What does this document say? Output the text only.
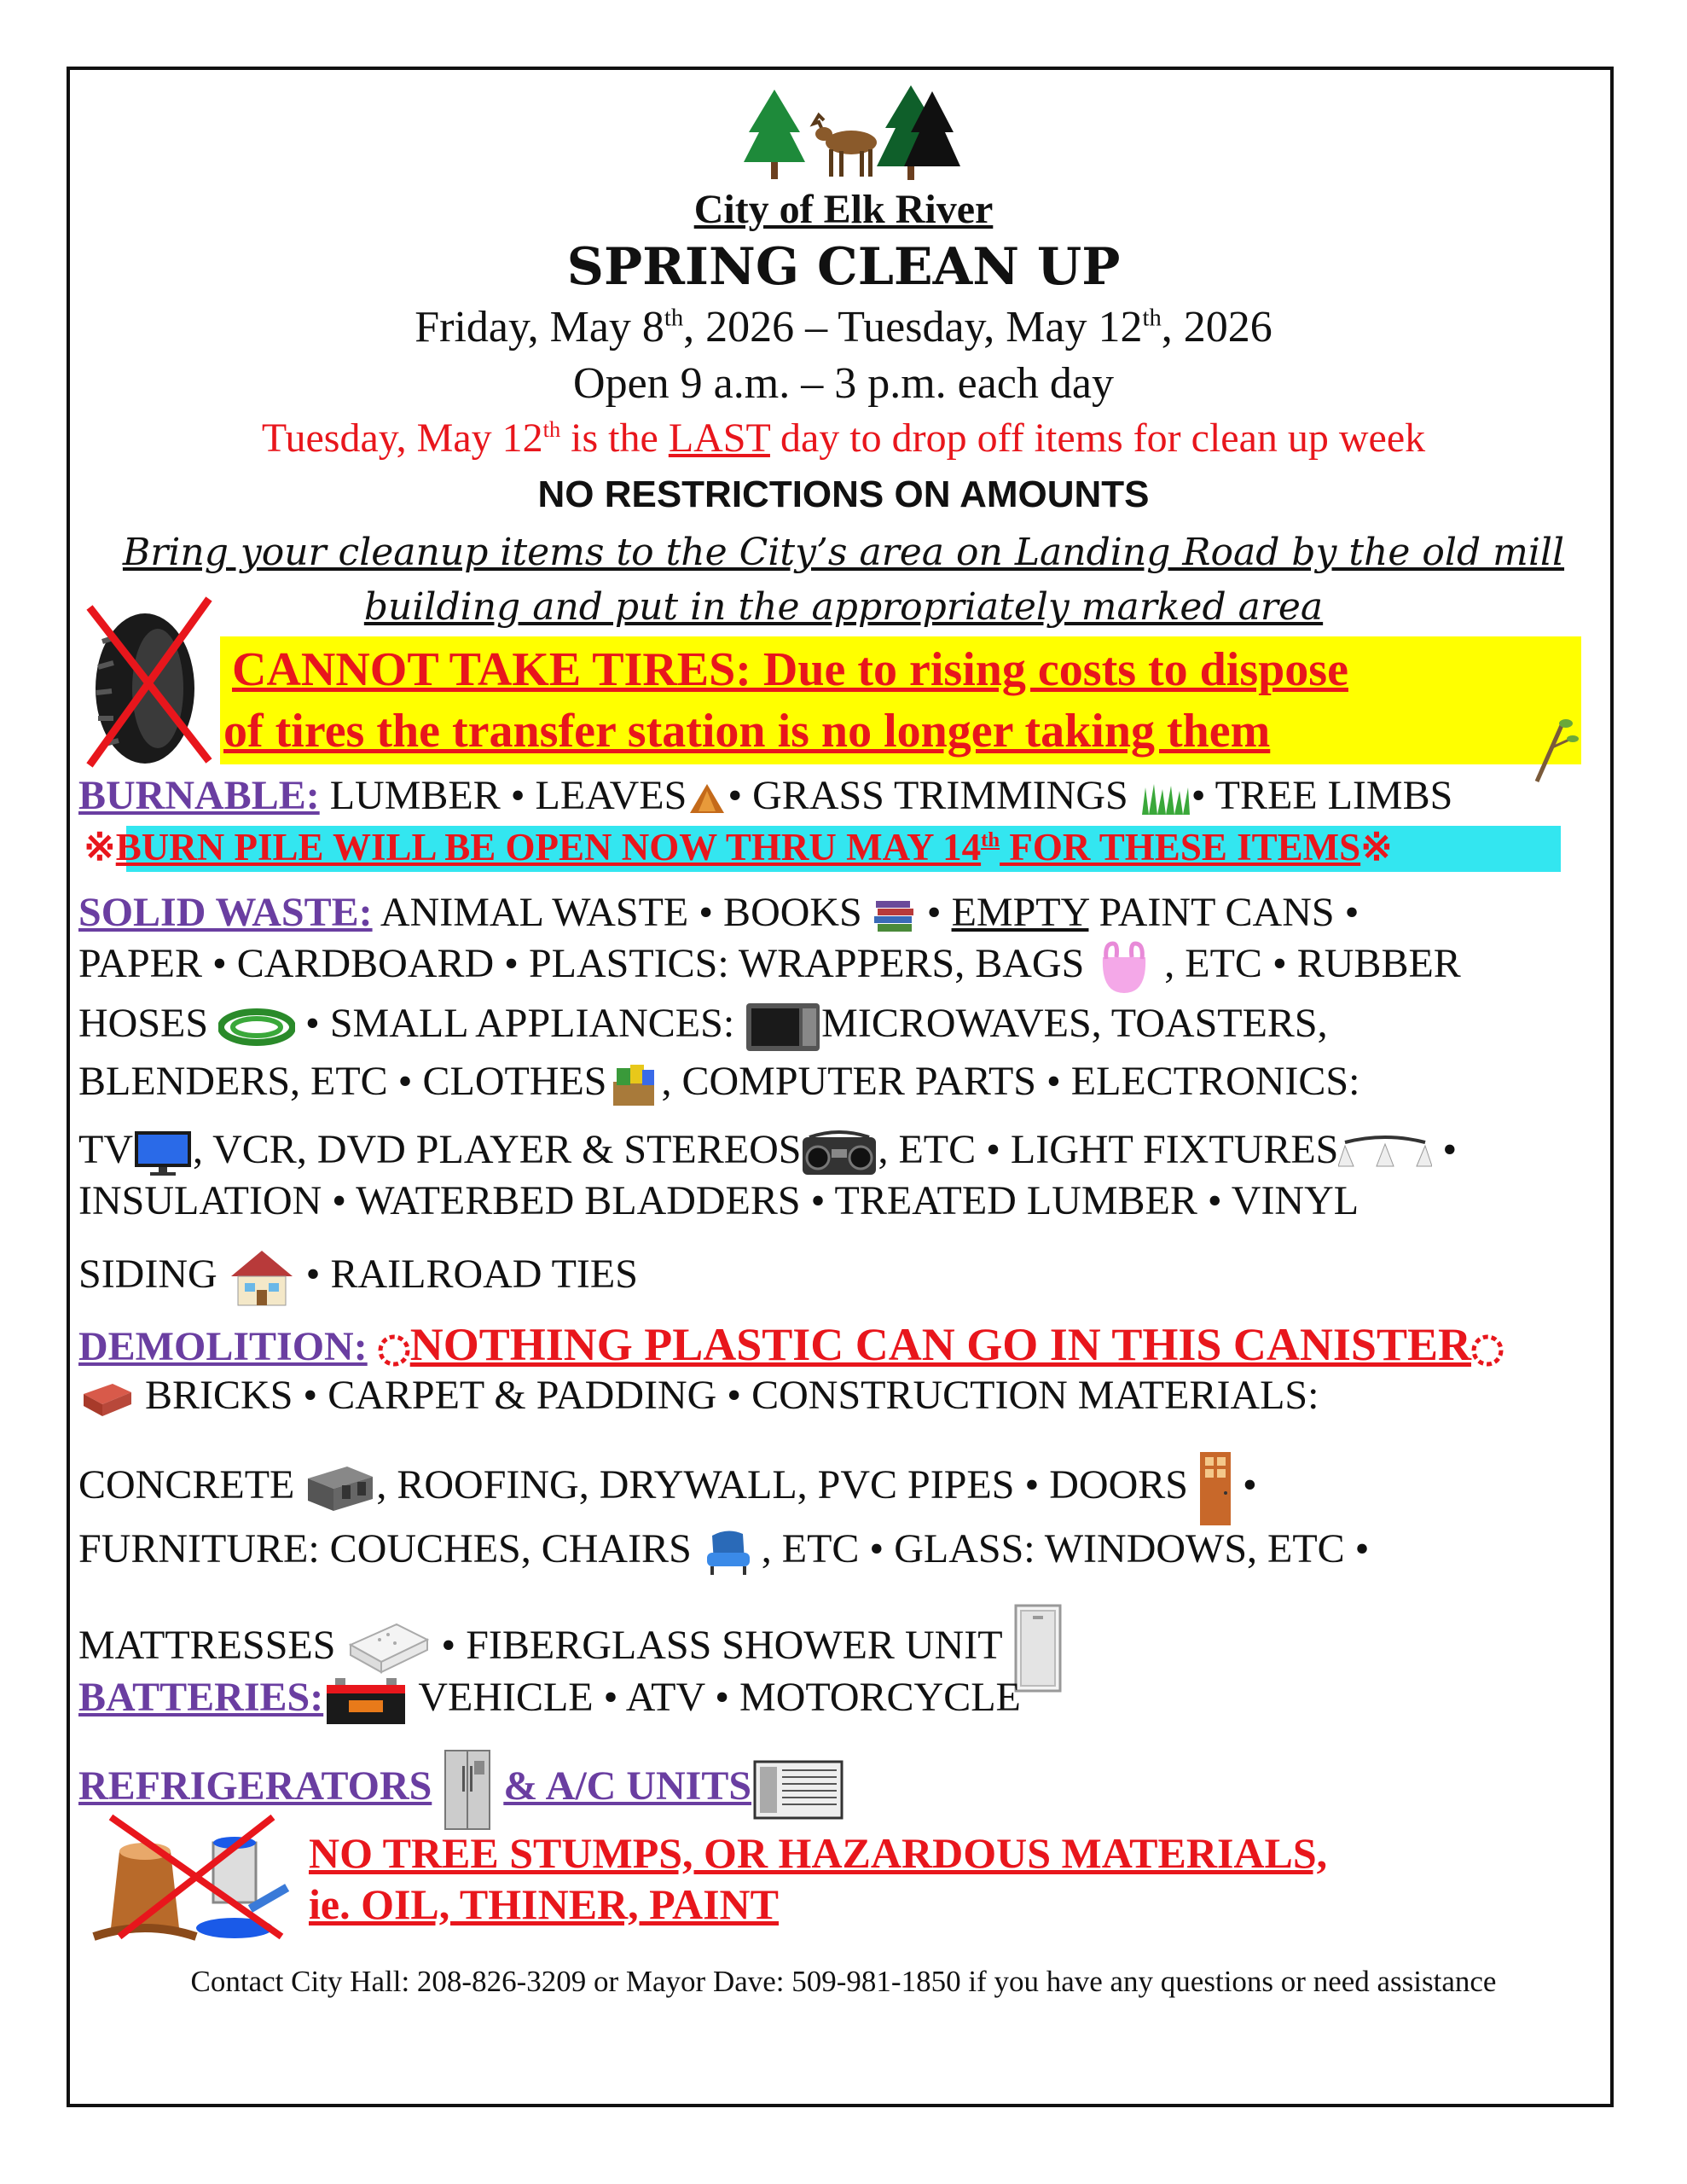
City of Elk River
SPRING CLEAN UP
Friday, May 8th, 2026 – Tuesday, May 12th, 2026
Open 9 a.m. – 3 p.m. each day
Tuesday, May 12th is the LAST day to drop off items for clean up week
NO RESTRICTIONS ON AMOUNTS
Bring your cleanup items to the City’s area on Landing Road by the old mill
building and put in the appropriately marked area
CANNOT TAKE TIRES: Due to rising costs to dispose
of tires the transfer station is no longer taking them
BURNABLE: LUMBER • LEAVES • GRASS TRIMMINGS • TREE LIMBS
※BURN PILE WILL BE OPEN NOW THRU MAY 14th FOR THESE ITEMS※
SOLID WASTE: ANIMAL WASTE • BOOKS  • EMPTY PAINT CANS •
PAPER • CARDBOARD • PLASTICS: WRAPPERS, BAGS  , ETC • RUBBER
HOSES  • SMALL APPLIANCES: MICROWAVES, TOASTERS,
BLENDERS, ETC • CLOTHES , COMPUTER PARTS • ELECTRONICS:
TV , VCR, DVD PLAYER & STEREOS , ETC • LIGHT FIXTURES •
INSULATION • WATERBED BLADDERS • TREATED LUMBER • VINYL
SIDING  • RAILROAD TIES
DEMOLITION: NOTHING PLASTIC CAN GO IN THIS CANISTER
BRICKS • CARPET & PADDING • CONSTRUCTION MATERIALS:
CONCRETE , ROOFING, DRYWALL, PVC PIPES • DOORS  •
FURNITURE: COUCHES, CHAIRS , ETC • GLASS: WINDOWS, ETC •
MATTRESSES  • FIBERGLASS SHOWER UNIT
BATTERIES: VEHICLE • ATV • MOTORCYCLE
REFRIGERATORS & A/C UNITS
NO TREE STUMPS, OR HAZARDOUS MATERIALS,
ie. OIL, THINER, PAINT
Contact City Hall: 208-826-3209 or Mayor Dave: 509-981-1850 if you have any questions or need assistance
